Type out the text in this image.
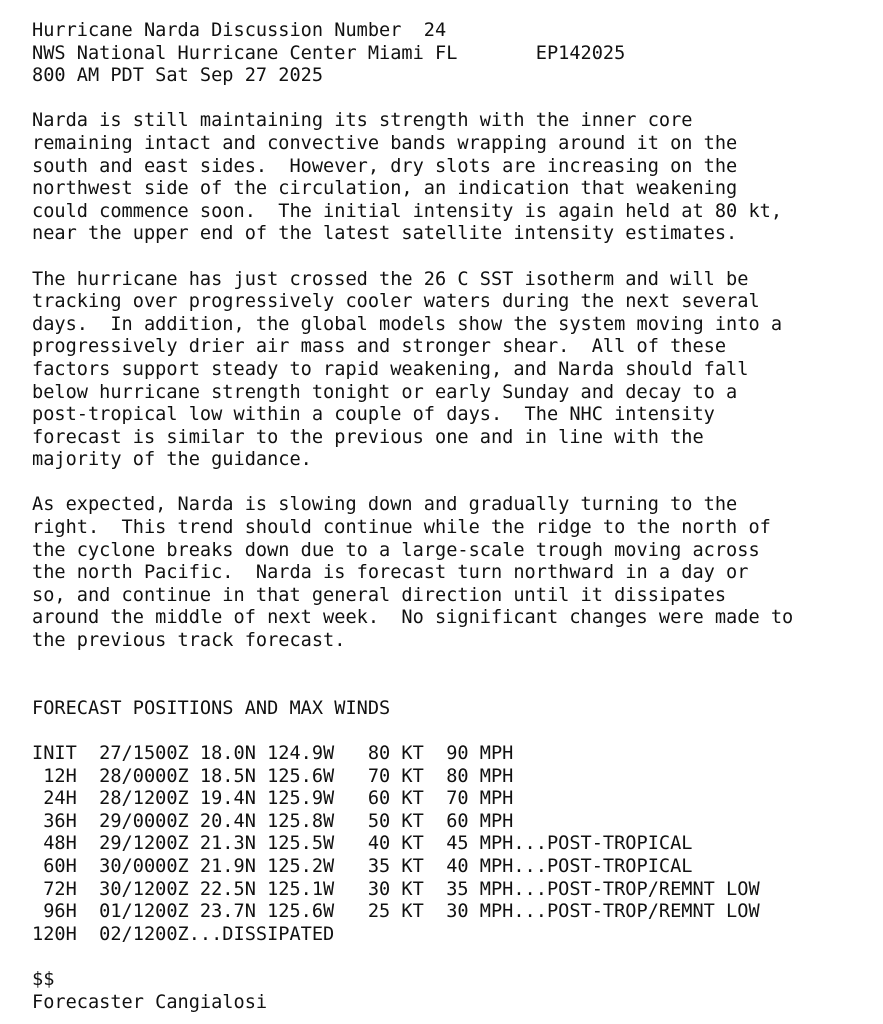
Hurricane Narda Discussion Number  24
NWS National Hurricane Center Miami FL       EP142025
800 AM PDT Sat Sep 27 2025
Narda is still maintaining its strength with the inner core
remaining intact and convective bands wrapping around it on the
south and east sides.  However, dry slots are increasing on the
northwest side of the circulation, an indication that weakening
could commence soon.  The initial intensity is again held at 80 kt,
near the upper end of the latest satellite intensity estimates.
The hurricane has just crossed the 26 C SST isotherm and will be
tracking over progressively cooler waters during the next several
days.  In addition, the global models show the system moving into a
progressively drier air mass and stronger shear.  All of these
factors support steady to rapid weakening, and Narda should fall
below hurricane strength tonight or early Sunday and decay to a
post-tropical low within a couple of days.  The NHC intensity
forecast is similar to the previous one and in line with the
majority of the guidance.
As expected, Narda is slowing down and gradually turning to the
right.  This trend should continue while the ridge to the north of
the cyclone breaks down due to a large-scale trough moving across
the north Pacific.  Narda is forecast turn northward in a day or
so, and continue in that general direction until it dissipates
around the middle of next week.  No significant changes were made to
the previous track forecast.
FORECAST POSITIONS AND MAX WINDS
INIT  27/1500Z 18.0N 124.9W   80 KT  90 MPH
12H  28/0000Z 18.5N 125.6W   70 KT  80 MPH
24H  28/1200Z 19.4N 125.9W   60 KT  70 MPH
36H  29/0000Z 20.4N 125.8W   50 KT  60 MPH
48H  29/1200Z 21.3N 125.5W   40 KT  45 MPH...POST-TROPICAL
60H  30/0000Z 21.9N 125.2W   35 KT  40 MPH...POST-TROPICAL
72H  30/1200Z 22.5N 125.1W   30 KT  35 MPH...POST-TROP/REMNT LOW
96H  01/1200Z 23.7N 125.6W   25 KT  30 MPH...POST-TROP/REMNT LOW
120H  02/1200Z...DISSIPATED
$$
Forecaster Cangialosi
